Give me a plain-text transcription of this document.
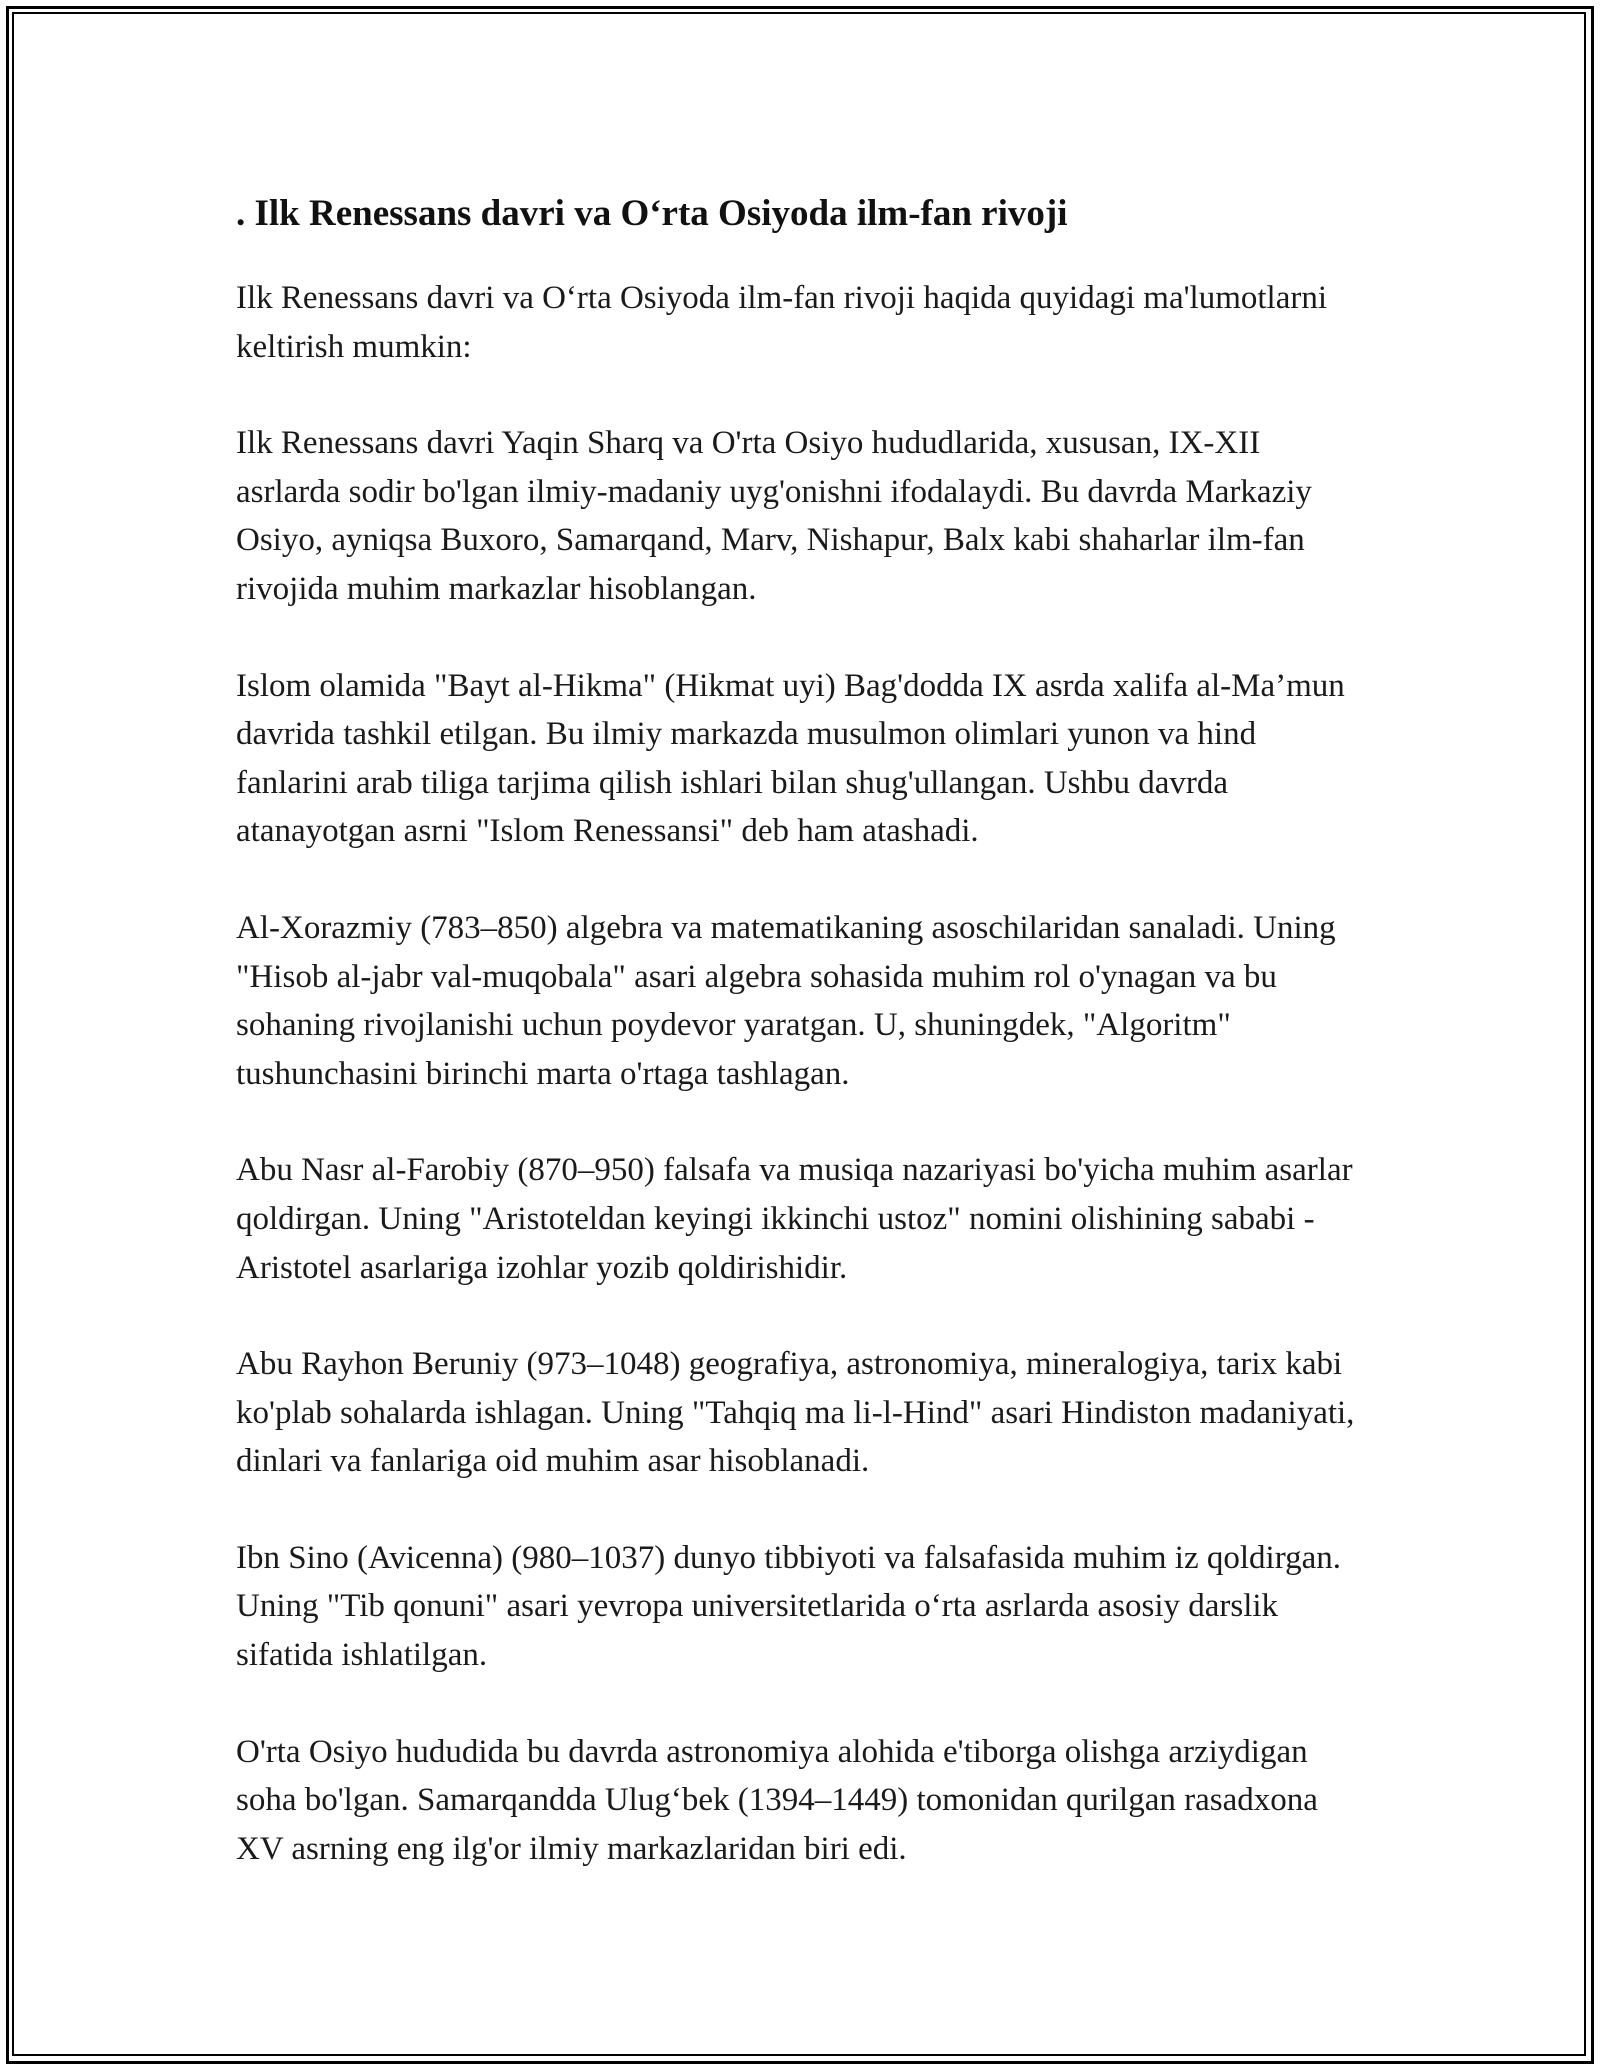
. Ilk Renessans davri va O‘rta Osiyoda ilm-fan rivoji

Ilk Renessans davri va O‘rta Osiyoda ilm-fan rivoji haqida quyidagi ma'lumotlarni keltirish mumkin:

Ilk Renessans davri Yaqin Sharq va O'rta Osiyo hududlarida, xususan, IX-XII asrlarda sodir bo'lgan ilmiy-madaniy uyg'onishni ifodalaydi. Bu davrda Markaziy Osiyo, ayniqsa Buxoro, Samarqand, Marv, Nishapur, Balx kabi shaharlar ilm-fan rivojida muhim markazlar hisoblangan.

Islom olamida "Bayt al-Hikma" (Hikmat uyi) Bag'dodda IX asrda xalifa al-Ma’mun davrida tashkil etilgan. Bu ilmiy markazda musulmon olimlari yunon va hind fanlarini arab tiliga tarjima qilish ishlari bilan shug'ullangan. Ushbu davrda atanayotgan asrni "Islom Renessansi" deb ham atashadi.

Al-Xorazmiy (783–850) algebra va matematikaning asoschilaridan sanaladi. Uning "Hisob al-jabr val-muqobala" asari algebra sohasida muhim rol o'ynagan va bu sohaning rivojlanishi uchun poydevor yaratgan. U, shuningdek, "Algoritm" tushunchasini birinchi marta o'rtaga tashlagan.

Abu Nasr al-Farobiy (870–950) falsafa va musiqa nazariyasi bo'yicha muhim asarlar qoldirgan. Uning "Aristoteldan keyingi ikkinchi ustoz" nomini olishining sababi - Aristotel asarlariga izohlar yozib qoldirishidir.

Abu Rayhon Beruniy (973–1048) geografiya, astronomiya, mineralogiya, tarix kabi ko'plab sohalarda ishlagan. Uning "Tahqiq ma li-l-Hind" asari Hindiston madaniyati, dinlari va fanlariga oid muhim asar hisoblanadi.

Ibn Sino (Avicenna) (980–1037) dunyo tibbiyoti va falsafasida muhim iz qoldirgan. Uning "Tib qonuni" asari yevropa universitetlarida o‘rta asrlarda asosiy darslik sifatida ishlatilgan.

O'rta Osiyo hududida bu davrda astronomiya alohida e'tiborga olishga arziydigan soha bo'lgan. Samarqandda Ulug‘bek (1394–1449) tomonidan qurilgan rasadxona XV asrning eng ilg'or ilmiy markazlaridan biri edi.
